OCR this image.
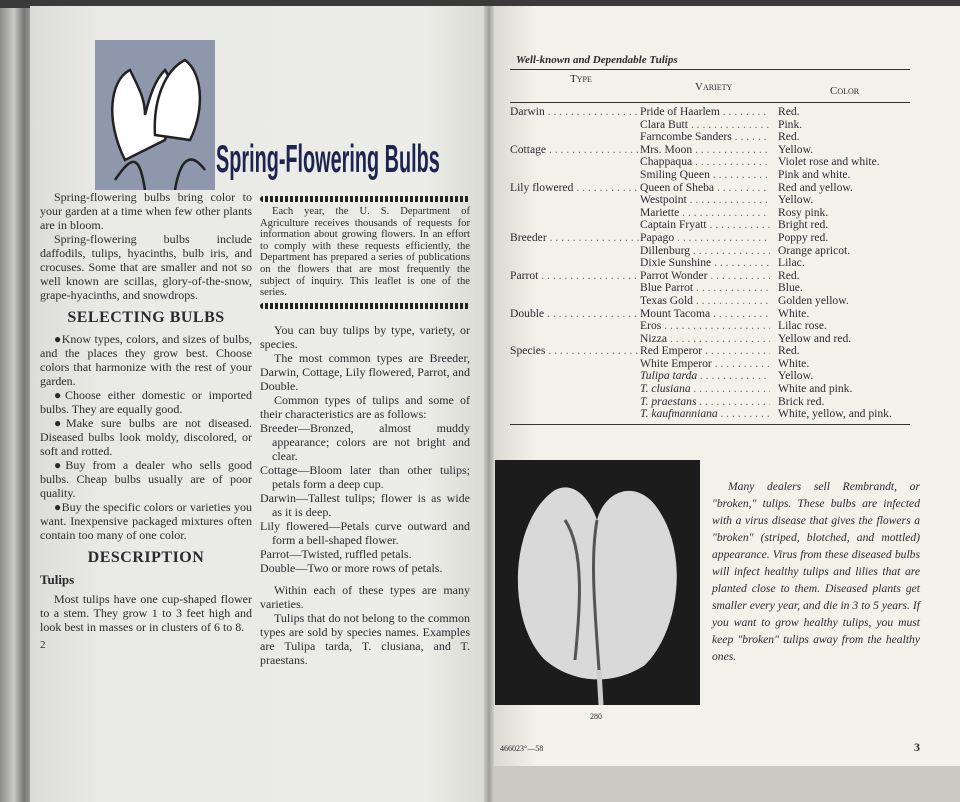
Spring-Flowering Bulbs

Spring-flowering bulbs bring color to your garden at a time when few other plants are in bloom.

Spring-flowering bulbs include daffodils, tulips, hyacinths, bulb iris, and crocuses. Some that are smaller and not so well known are scillas, glory-of-the-snow, grape-hyacinths, and snowdrops.

SELECTING BULBS

●Know types, colors, and sizes of bulbs, and the places they grow best. Choose colors that harmonize with the rest of your garden.

●Choose either domestic or imported bulbs. They are equally good.

●Make sure bulbs are not diseased. Diseased bulbs look moldy, discolored, or soft and rotted.

●Buy from a dealer who sells good bulbs. Cheap bulbs usually are of poor quality.

●Buy the specific colors or varieties you want. Inexpensive packaged mixtures often contain too many of one color.

DESCRIPTION
Tulips

Most tulips have one cup-shaped flower to a stem. They grow 1 to 3 feet high and look best in masses or in clusters of 6 to 8.

2

Each year, the U. S. Department of Agriculture receives thousands of requests for information about growing flowers. In an effort to comply with these requests efficiently, the Department has prepared a series of publications on the flowers that are most frequently the subject of inquiry. This leaflet is one of the series.

You can buy tulips by type, variety, or species.

The most common types are Breeder, Darwin, Cottage, Lily flowered, Parrot, and Double.

Common types of tulips and some of their characteristics are as follows:

Breeder—Bronzed, almost muddy appearance; colors are not bright and clear.
Cottage—Bloom later than other tulips; petals form a deep cup.
Darwin—Tallest tulips; flower is as wide as it is deep.
Lily flowered—Petals curve outward and form a bell-shaped flower.
Parrot—Twisted, ruffled petals.
Double—Two or more rows of petals.

Within each of these types are many varieties.

Tulips that do not belong to the common types are sold by species names. Examples are Tulipa tarda, T. clusiana, and T. praestans.

Well-known and Dependable Tulips
Type
Variety	Color
Darwin . . .	Pride of Haarlem . . .	Red.
Clara Butt . . .	Pink.
Farncombe Sanders . . .	Red.
Cottage . . .	Mrs. Moon . . .	Yellow.
Chappaqua . . .	Violet rose and white.
Smiling Queen . . .	Pink and white.
Lily flowered . . .	Queen of Sheba . . .	Red and yellow.
Westpoint . . .	Yellow.
Mariette . . .	Rosy pink.
Captain Fryatt . . .	Bright red.
Breeder . . .	Papago . . .	Poppy red.
Dillenburg . . .	Orange apricot.
Dixie Sunshine . . .	Lilac.
Parrot . . .	Parrot Wonder . . .	Red.
Blue Parrot . . .	Blue.
Texas Gold . . .	Golden yellow.
Double . . .	Mount Tacoma . . .	White.
Eros . . .	Lilac rose.
Nizza . . .	Yellow and red.
Species . . .	Red Emperor . . .	Red.
White Emperor . . .	White.
Tulipa tarda . . .	Yellow.
T. clusiana . . .	White and pink.
T. praestans . . .	Brick red.
T. kaufmanniana . . .	White, yellow, and pink.
280

Many dealers sell Rembrandt, or "broken," tulips. These bulbs are infected with a virus disease that gives the flowers a "broken" (striped, blotched, and mottled) appearance. Virus from these diseased bulbs will infect healthy tulips and lilies that are planted close to them. Diseased plants get smaller every year, and die in 3 to 5 years. If you want to grow healthy tulips, you must keep "broken" tulips away from the healthy ones.

466023°—58	3
